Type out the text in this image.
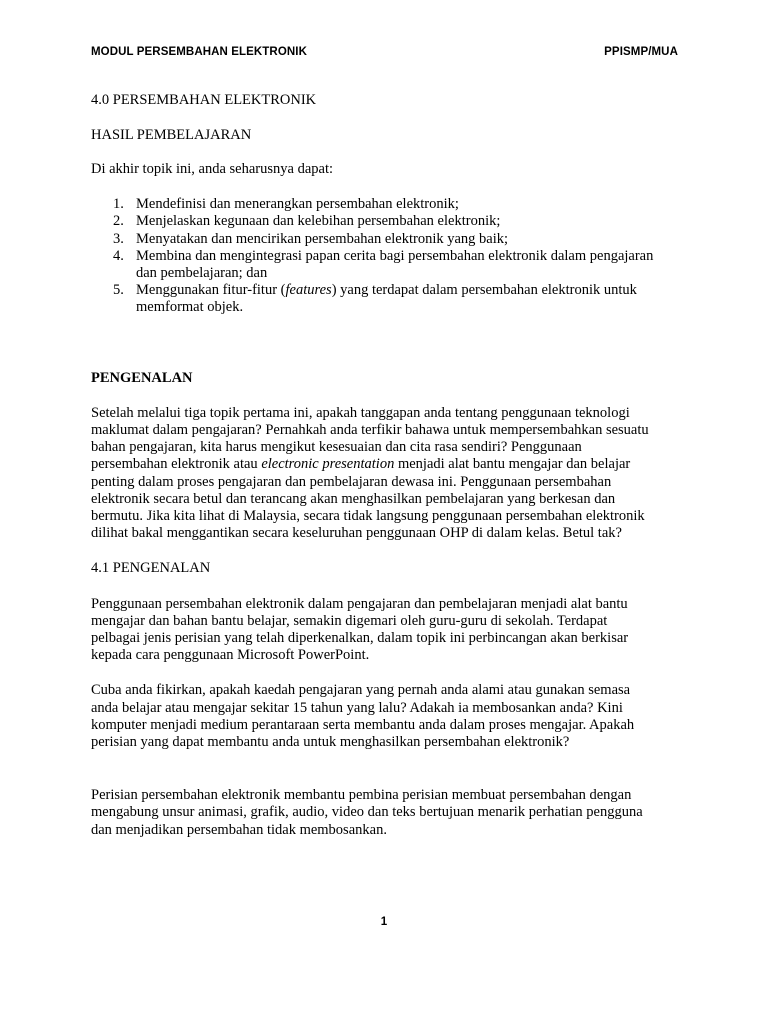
MODUL PERSEMBAHAN ELEKTRONIK	PPISMP/MUA

4.0 PERSEMBAHAN ELEKTRONIK

HASIL PEMBELAJARAN

Di akhir topik ini, anda seharusnya dapat:

1. Mendefinisi dan menerangkan persembahan elektronik;
2. Menjelaskan kegunaan dan kelebihan persembahan elektronik;
3. Menyatakan dan mencirikan persembahan elektronik yang baik;
4. Membina dan mengintegrasi papan cerita bagi persembahan elektronik dalam pengajaran
dan pembelajaran; dan
5. Menggunakan fitur-fitur (features) yang terdapat dalam persembahan elektronik untuk
memformat objek.

PENGENALAN

Setelah melalui tiga topik pertama ini, apakah tanggapan anda tentang penggunaan teknologi
maklumat dalam pengajaran? Pernahkah anda terfikir bahawa untuk mempersembahkan sesuatu
bahan pengajaran, kita harus mengikut kesesuaian dan cita rasa sendiri? Penggunaan
persembahan elektronik atau electronic presentation menjadi alat bantu mengajar dan belajar
penting dalam proses pengajaran dan pembelajaran dewasa ini. Penggunaan persembahan
elektronik secara betul dan terancang akan menghasilkan pembelajaran yang berkesan dan
bermutu. Jika kita lihat di Malaysia, secara tidak langsung penggunaan persembahan elektronik
dilihat bakal menggantikan secara keseluruhan penggunaan OHP di dalam kelas. Betul tak?

4.1 PENGENALAN

Penggunaan persembahan elektronik dalam pengajaran dan pembelajaran menjadi alat bantu
mengajar dan bahan bantu belajar, semakin digemari oleh guru-guru di sekolah. Terdapat
pelbagai jenis perisian yang telah diperkenalkan, dalam topik ini perbincangan akan berkisar
kepada cara penggunaan Microsoft PowerPoint.

Cuba anda fikirkan, apakah kaedah pengajaran yang pernah anda alami atau gunakan semasa
anda belajar atau mengajar sekitar 15 tahun yang lalu? Adakah ia membosankan anda? Kini
komputer menjadi medium perantaraan serta membantu anda dalam proses mengajar. Apakah
perisian yang dapat membantu anda untuk menghasilkan persembahan elektronik?

Perisian persembahan elektronik membantu pembina perisian membuat persembahan dengan
mengabung unsur animasi, grafik, audio, video dan teks bertujuan menarik perhatian pengguna
dan menjadikan persembahan tidak membosankan.

1
